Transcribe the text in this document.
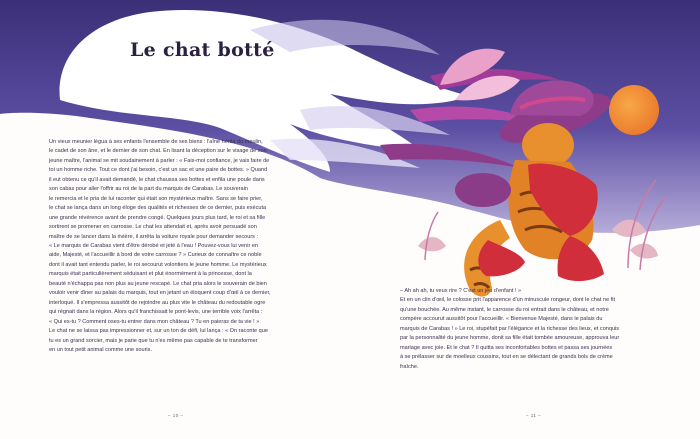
Le chat botté

Un vieux meunier légua à ses enfants l'ensemble de ses biens : l'aîné hérita du moulin,

le cadet de son âne, et le dernier de son chat. En lisant la déception sur le visage de son

jeune maître, l'animal se mit soudainement à parler : « Fais-moi confiance, je vais faire de

toi un homme riche. Tout ce dont j'ai besoin, c'est un sac et une paire de bottes. » Quand

il eut obtenu ce qu'il avait demandé, le chat chaussa ses bottes et enfila une poule dans

son cabas pour aller l'offrir au roi de la part du marquis de Carabas. Le souverain

le remercia et le pria de lui raconter qui était son mystérieux maître. Sans se faire prier,

le chat se lança dans un long éloge des qualités et richesses de ce dernier, puis exécuta

une grande révérence avant de prendre congé. Quelques jours plus tard, le roi et sa fille

sortirent se promener en carrosse. Le chat les attendait et, après avoir persuadé son

maître de se lancer dans la rivière, il arrêta la voiture royale pour demander secours :

« Le marquis de Carabas vient d'être dérobé et jeté à l'eau ! Pouvez-vous lui venir en

aide, Majesté, et l'accueillir à bord de votre carrosse ? » Curieux de connaître ce noble

dont il avait tant entendu parler, le roi secourut volontiers le jeune homme. Le mystérieux

marquis était particulièrement séduisant et plut énormément à la princesse, dont la

beauté n'échappa pas non plus au jeune rescapé. Le chat pria alors le souverain de bien

vouloir venir dîner au palais du marquis, tout en jetant un éloquent coup d'œil à ce dernier,

interloqué. Il s'empressa aussitôt de rejoindre au plus vite le château du redoutable ogre

qui régnait dans la région. Alors qu'il franchissait le pont-levis, une terrible voix l'arrêta :

« Qui es-tu ? Comment oses-tu entrer dans mon château ? Tu en paieras de ta vie ! »

Le chat ne se laissa pas impressionner et, sur un ton de défi, lui lança : « On raconte que

tu es un grand sorcier, mais je parie que tu n'es même pas capable de te transformer

en un tout petit animal comme une souris.

– Ah ah ah, tu veux rire ? C'est un jeu d'enfant ! »

Et en un clin d'œil, le colosse prit l'apparence d'un minuscule rongeur, dont le chat ne fit

qu'une bouchée. Au même instant, le carrosse du roi entrait dans le château, et notre

compère accourut aussitôt pour l'accueillir. « Bienvenue Majesté, dans le palais du

marquis de Carabas ! » Le roi, stupéfait par l'élégance et la richesse des lieux, et conquis

par la personnalité du jeune homme, donit sa fille était tombée amoureuse, approuva leur

mariage avec joie. Et le chat ? Il quitta ses inconfortables bottes et passa ses journées

à se prélasser sur de moelleux coussins, tout en se délectant de grands bols de crème

fraîche.

– 10 –	– 11 –
